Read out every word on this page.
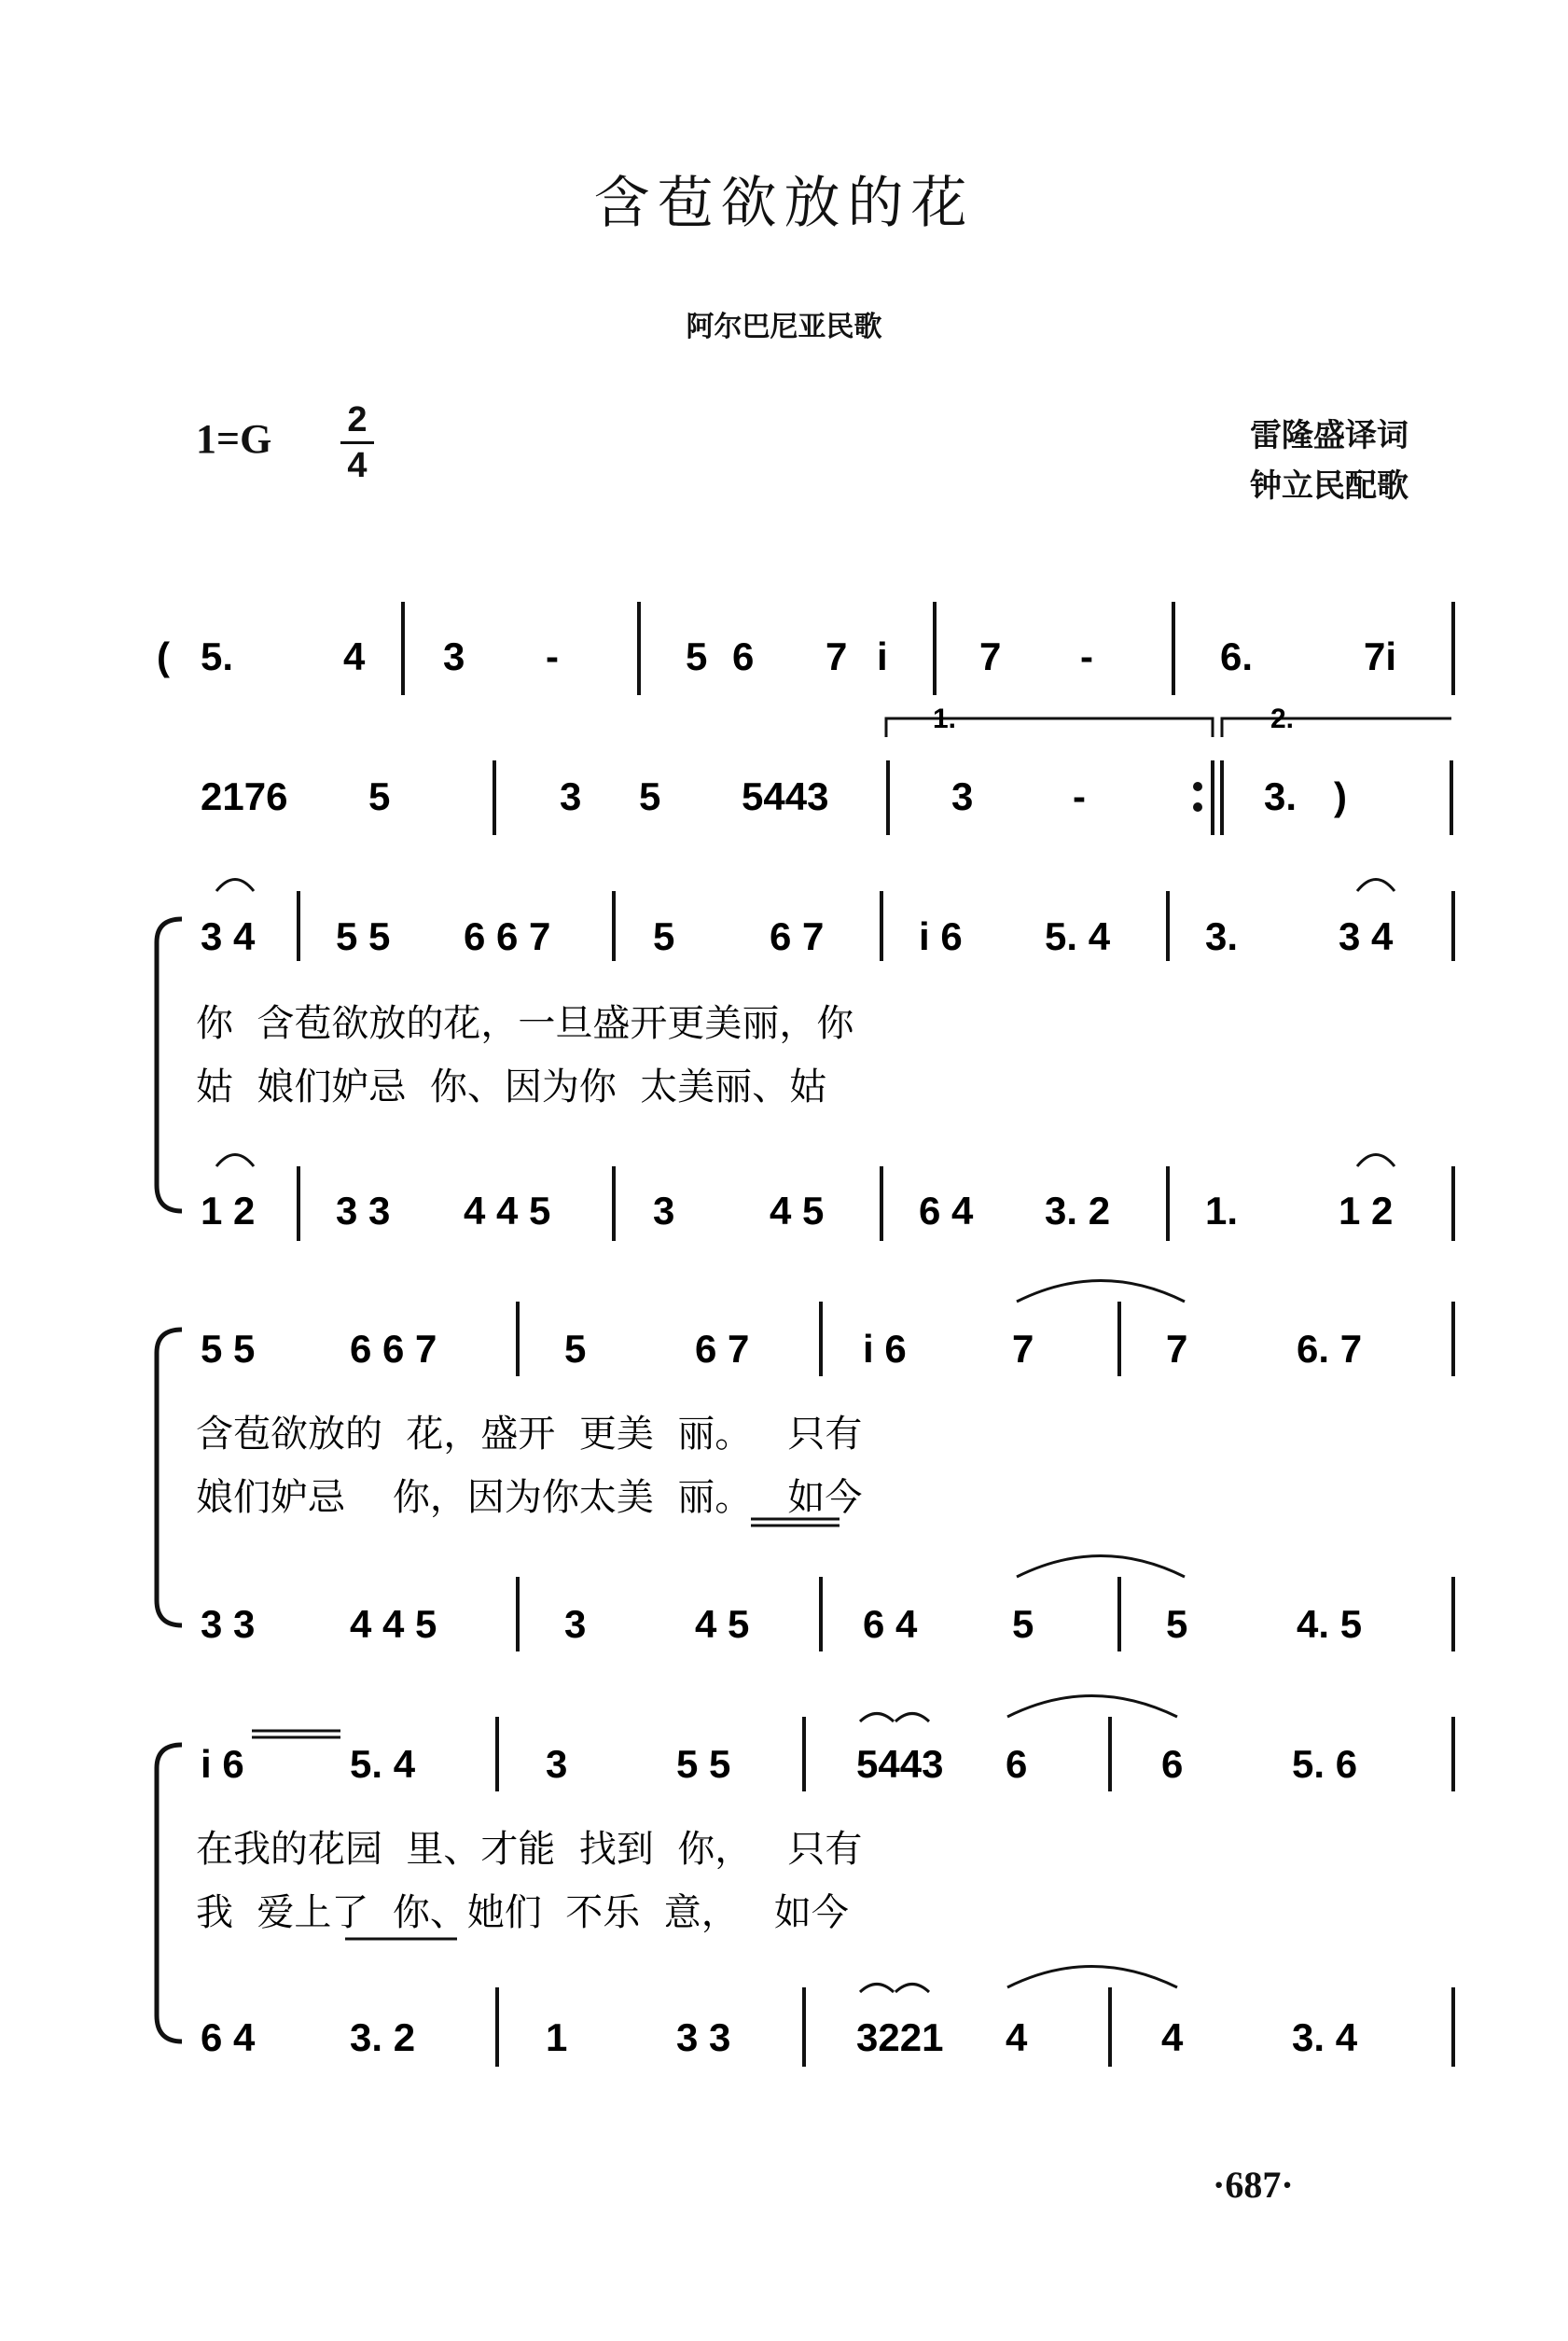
含苞欲放的花
阿尔巴尼亚民歌
1=G 2
4
雷隆盛译词
钟立民配歌
1.	2.
( 5.	4 3 -	5 6 7 i 7 -	6.	7i
2176 5	3 5 5443	3	-	3. )
3 4 5 5 6 6 7	5 6 7 i 6 5. 4 3.	3 4
你  含苞欲放的花，一旦盛开更美丽，你
姑  娘们妒忌  你、因为你  太美丽、姑
1 2 3 3 4 4 5	3 4 5 6 4 3. 2 1.	1 2
5 5 6 6 7	5	6 7	i 6	7	7	6. 7
含苞欲放的  花，盛开  更美  丽。   只有
娘们妒忌    你，因为你太美  丽。   如今
3 3 4 4 5	3	4 5	6 4 5	5	4. 5
i 6	5. 4	3	5 5	5443 6	6	5. 6
在我的花园  里、才能  找到  你，   只有
我  爱上了  你、她们  不乐  意，   如今
6 4 3. 2	1	3 3	3221 4	4	3. 4
·687·
